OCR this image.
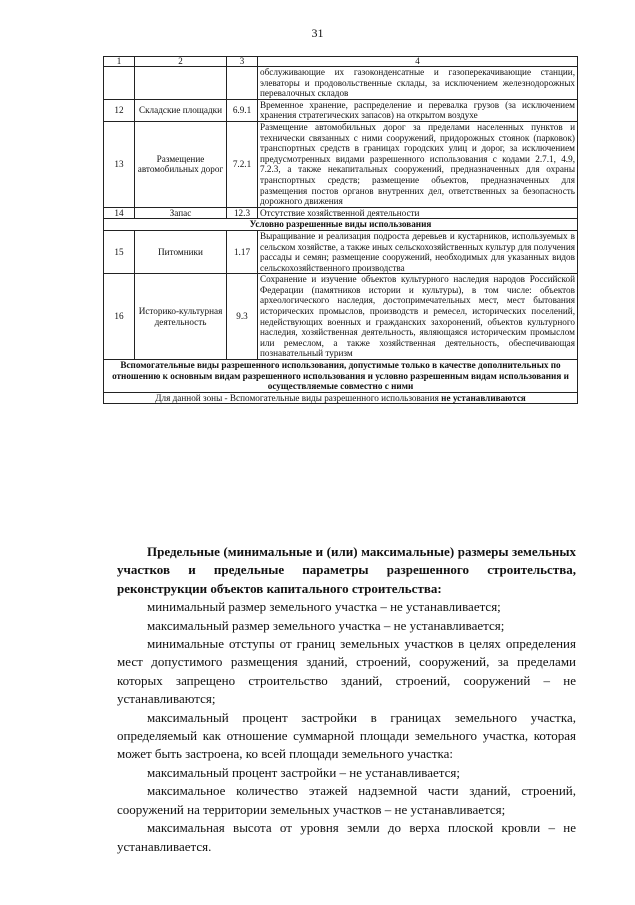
31
1	2	3	4
			обслуживающие их газоконденсатные и газоперекачивающие станции, элеваторы и продовольственные склады, за исключением железнодорожных перевалочных складов
12	Складские площадки	6.9.1	Временное хранение, распределение и перевалка грузов (за исключением хранения стратегических запасов) на открытом воздухе
13	Размещение автомобильных дорог	7.2.1	Размещение автомобильных дорог за пределами населенных пунктов и технически связанных с ними сооружений, придорожных стоянок (парковок) транспортных средств в границах городских улиц и дорог, за исключением предусмотренных видами разрешенного использования с кодами 2.7.1, 4.9, 7.2.3, а также некапитальных сооружений, предназначенных для охраны транспортных средств; размещение объектов, предназначенных для размещения постов органов внутренних дел, ответственных за безопасность дорожного движения
14	Запас	12.3	Отсутствие хозяйственной деятельности
Условно разрешенные виды использования			
15	Питомники	1.17	Выращивание и реализация подроста деревьев и кустарников, используемых в сельском хозяйстве, а также иных сельскохозяйственных культур для получения рассады и семян; размещение сооружений, необходимых для указанных видов сельскохозяйственного производства
16	Историко-культурная деятельность	9.3	Сохранение и изучение объектов культурного наследия народов Российской Федерации (памятников истории и культуры), в том числе: объектов археологического наследия, достопримечательных мест, мест бытования исторических промыслов, производств и ремесел, исторических поселений, недействующих военных и гражданских захоронений, объектов культурного наследия, хозяйственная деятельность, являющаяся историческим промыслом или ремеслом, а также хозяйственная деятельность, обеспечивающая познавательный туризм
Вспомогательные виды разрешенного использования, допустимые только в качестве дополнительных по отношению к основным видам разрешенного использования и условно разрешенным видам использования и осуществляемые совместно с ними			
Для данной зоны - Вспомогательные виды разрешенного использования не устанавливаются			

Предельные (минимальные и (или) максимальные) размеры земельных участков и предельные параметры разрешенного строительства, реконструкции объектов капитального строительства:

минимальный размер земельного участка – не устанавливается;

максимальный размер земельного участка – не устанавливается;

минимальные отступы от границ земельных участков в целях определения мест допустимого размещения зданий, строений, сооружений, за пределами которых запрещено строительство зданий, строений, сооружений – не устанавливаются;

максимальный процент застройки в границах земельного участка, определяемый как отношение суммарной площади земельного участка, которая может быть застроена, ко всей площади земельного участка:

максимальный процент застройки – не устанавливается;

максимальное количество этажей надземной части зданий, строений, сооружений на территории земельных участков – не устанавливается;

максимальная высота от уровня земли до верха плоской кровли – не устанавливается.
